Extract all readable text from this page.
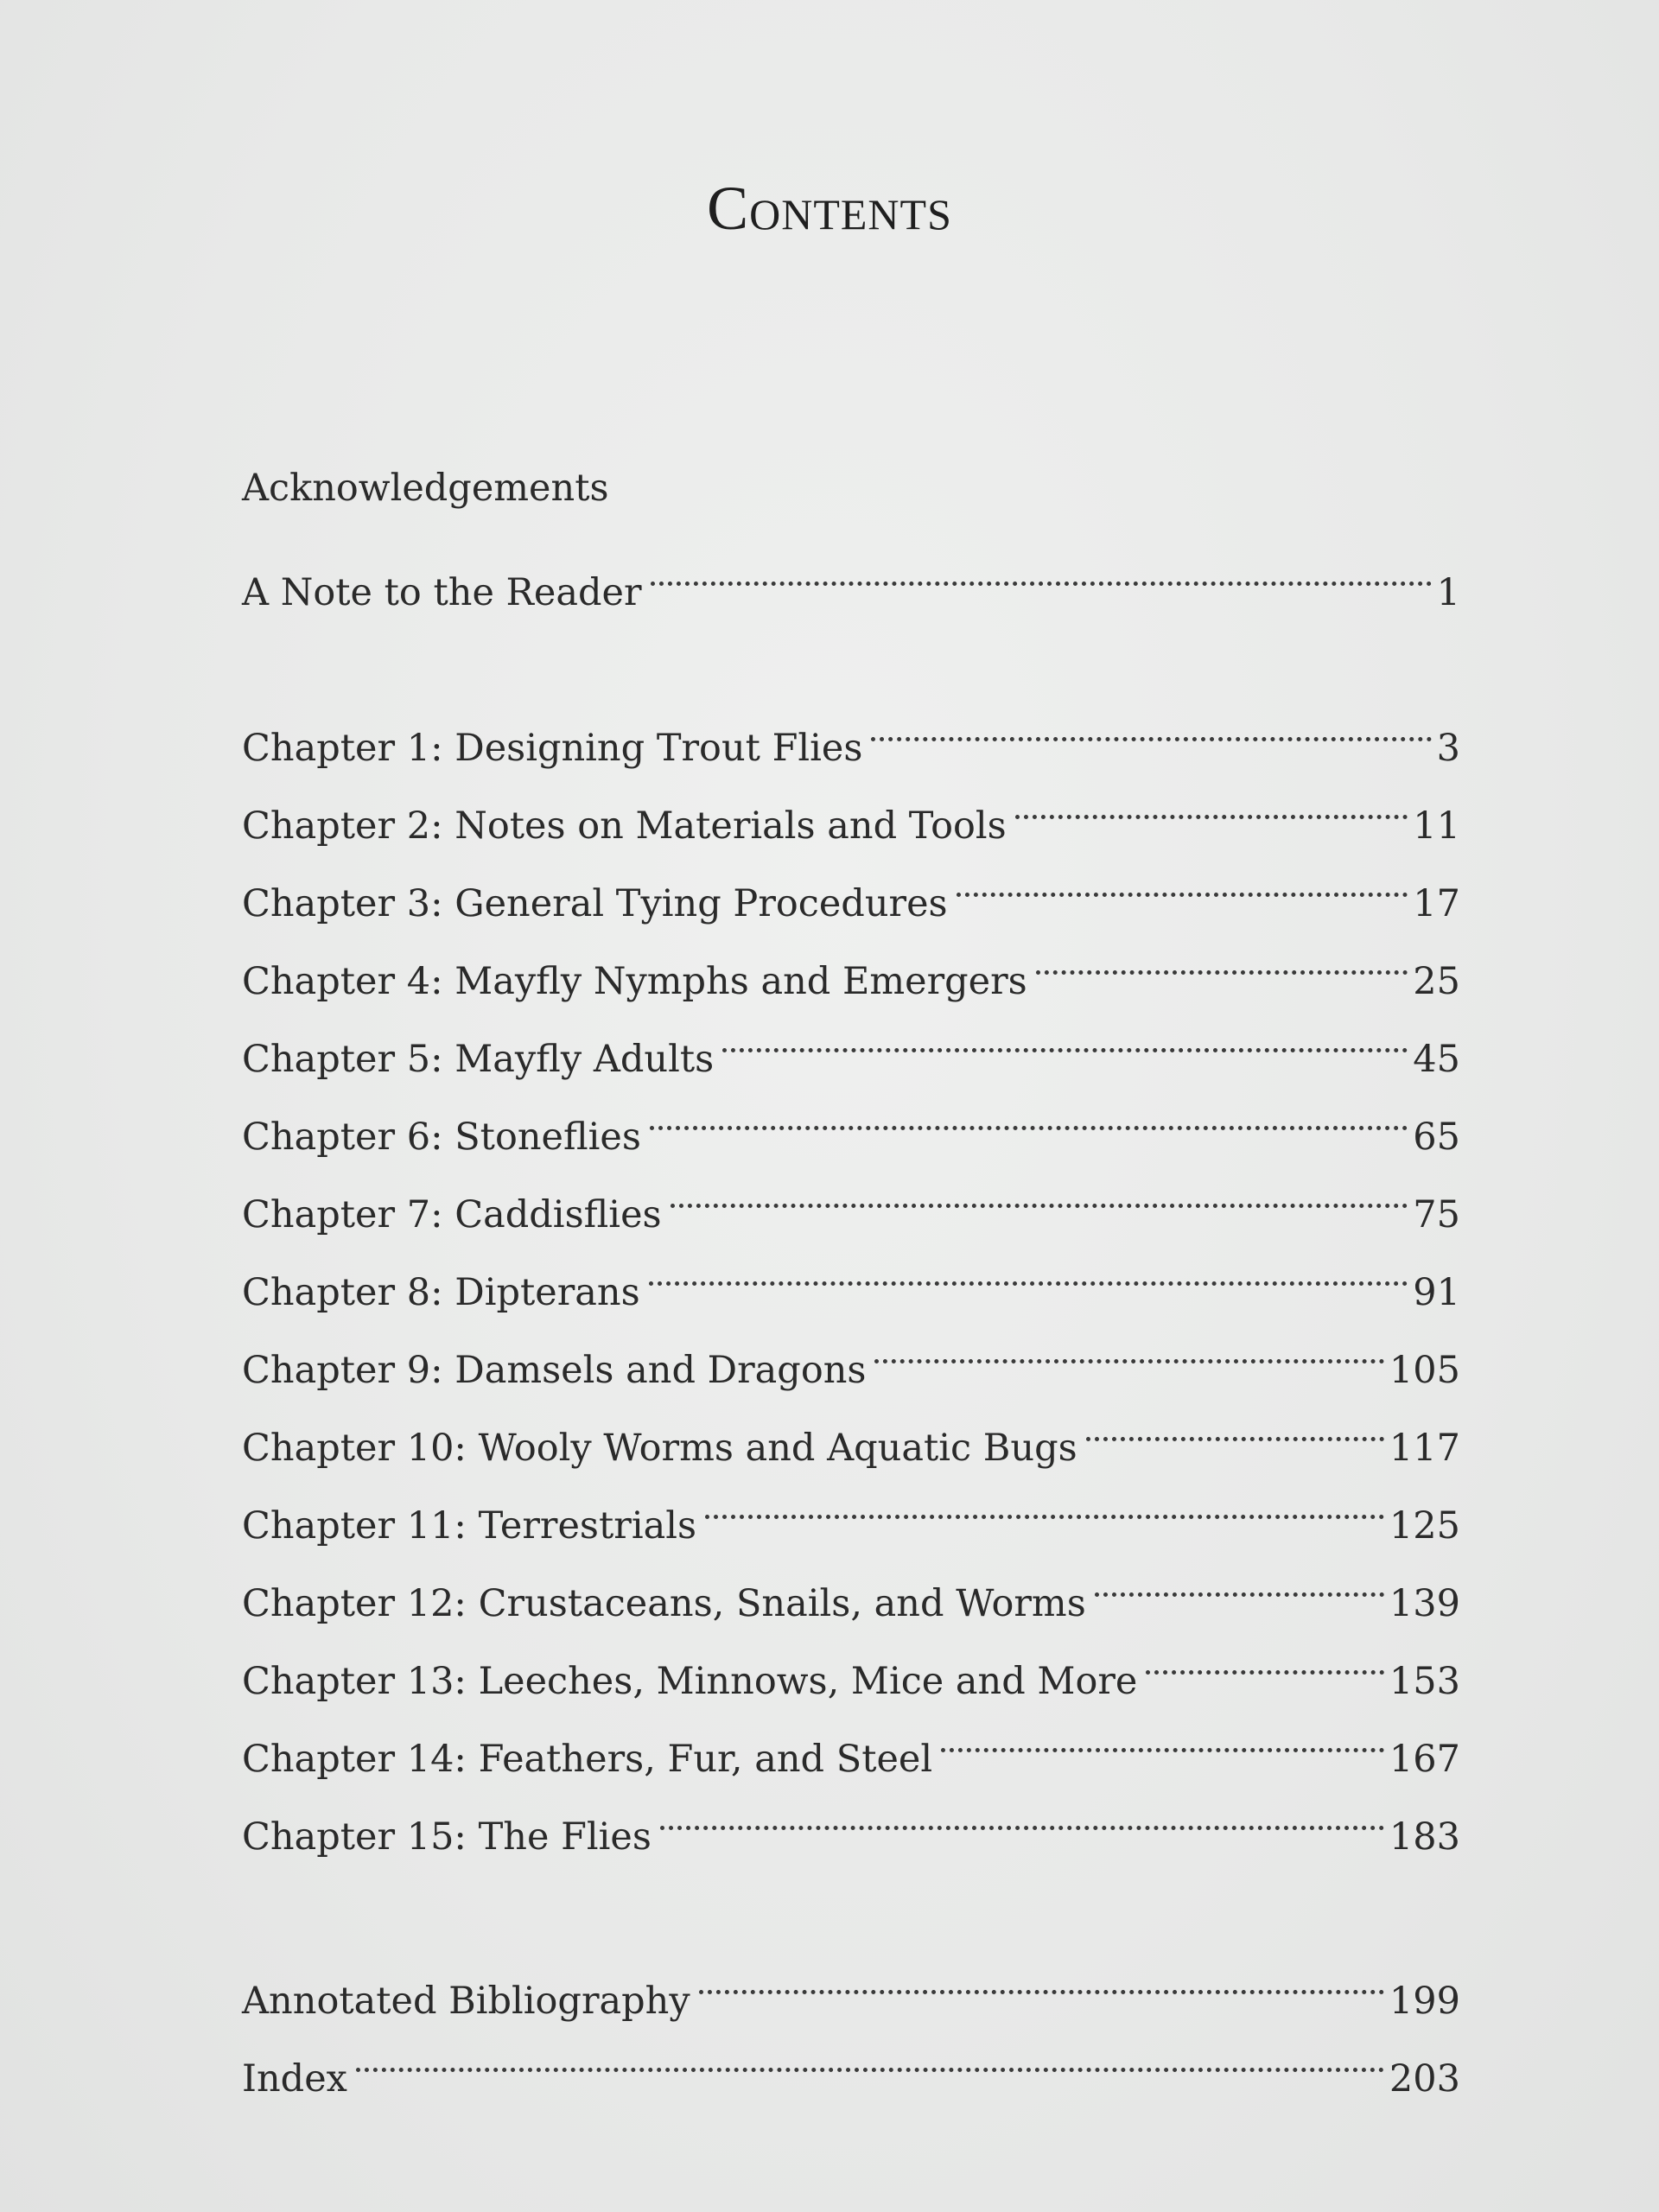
Contents
Acknowledgements
A Note to the Reader	1
Chapter 1: Designing Trout Flies	3
Chapter 2: Notes on Materials and Tools	11
Chapter 3: General Tying Procedures	17
Chapter 4: Mayfly Nymphs and Emergers	25
Chapter 5: Mayfly Adults	45
Chapter 6: Stoneflies	65
Chapter 7: Caddisflies	75
Chapter 8: Dipterans	91
Chapter 9: Damsels and Dragons	105
Chapter 10: Wooly Worms and Aquatic Bugs	117
Chapter 11: Terrestrials	125
Chapter 12: Crustaceans, Snails, and Worms	139
Chapter 13: Leeches, Minnows, Mice and More	153
Chapter 14: Feathers, Fur, and Steel	167
Chapter 15: The Flies	183
Annotated Bibliography	199
Index	203
